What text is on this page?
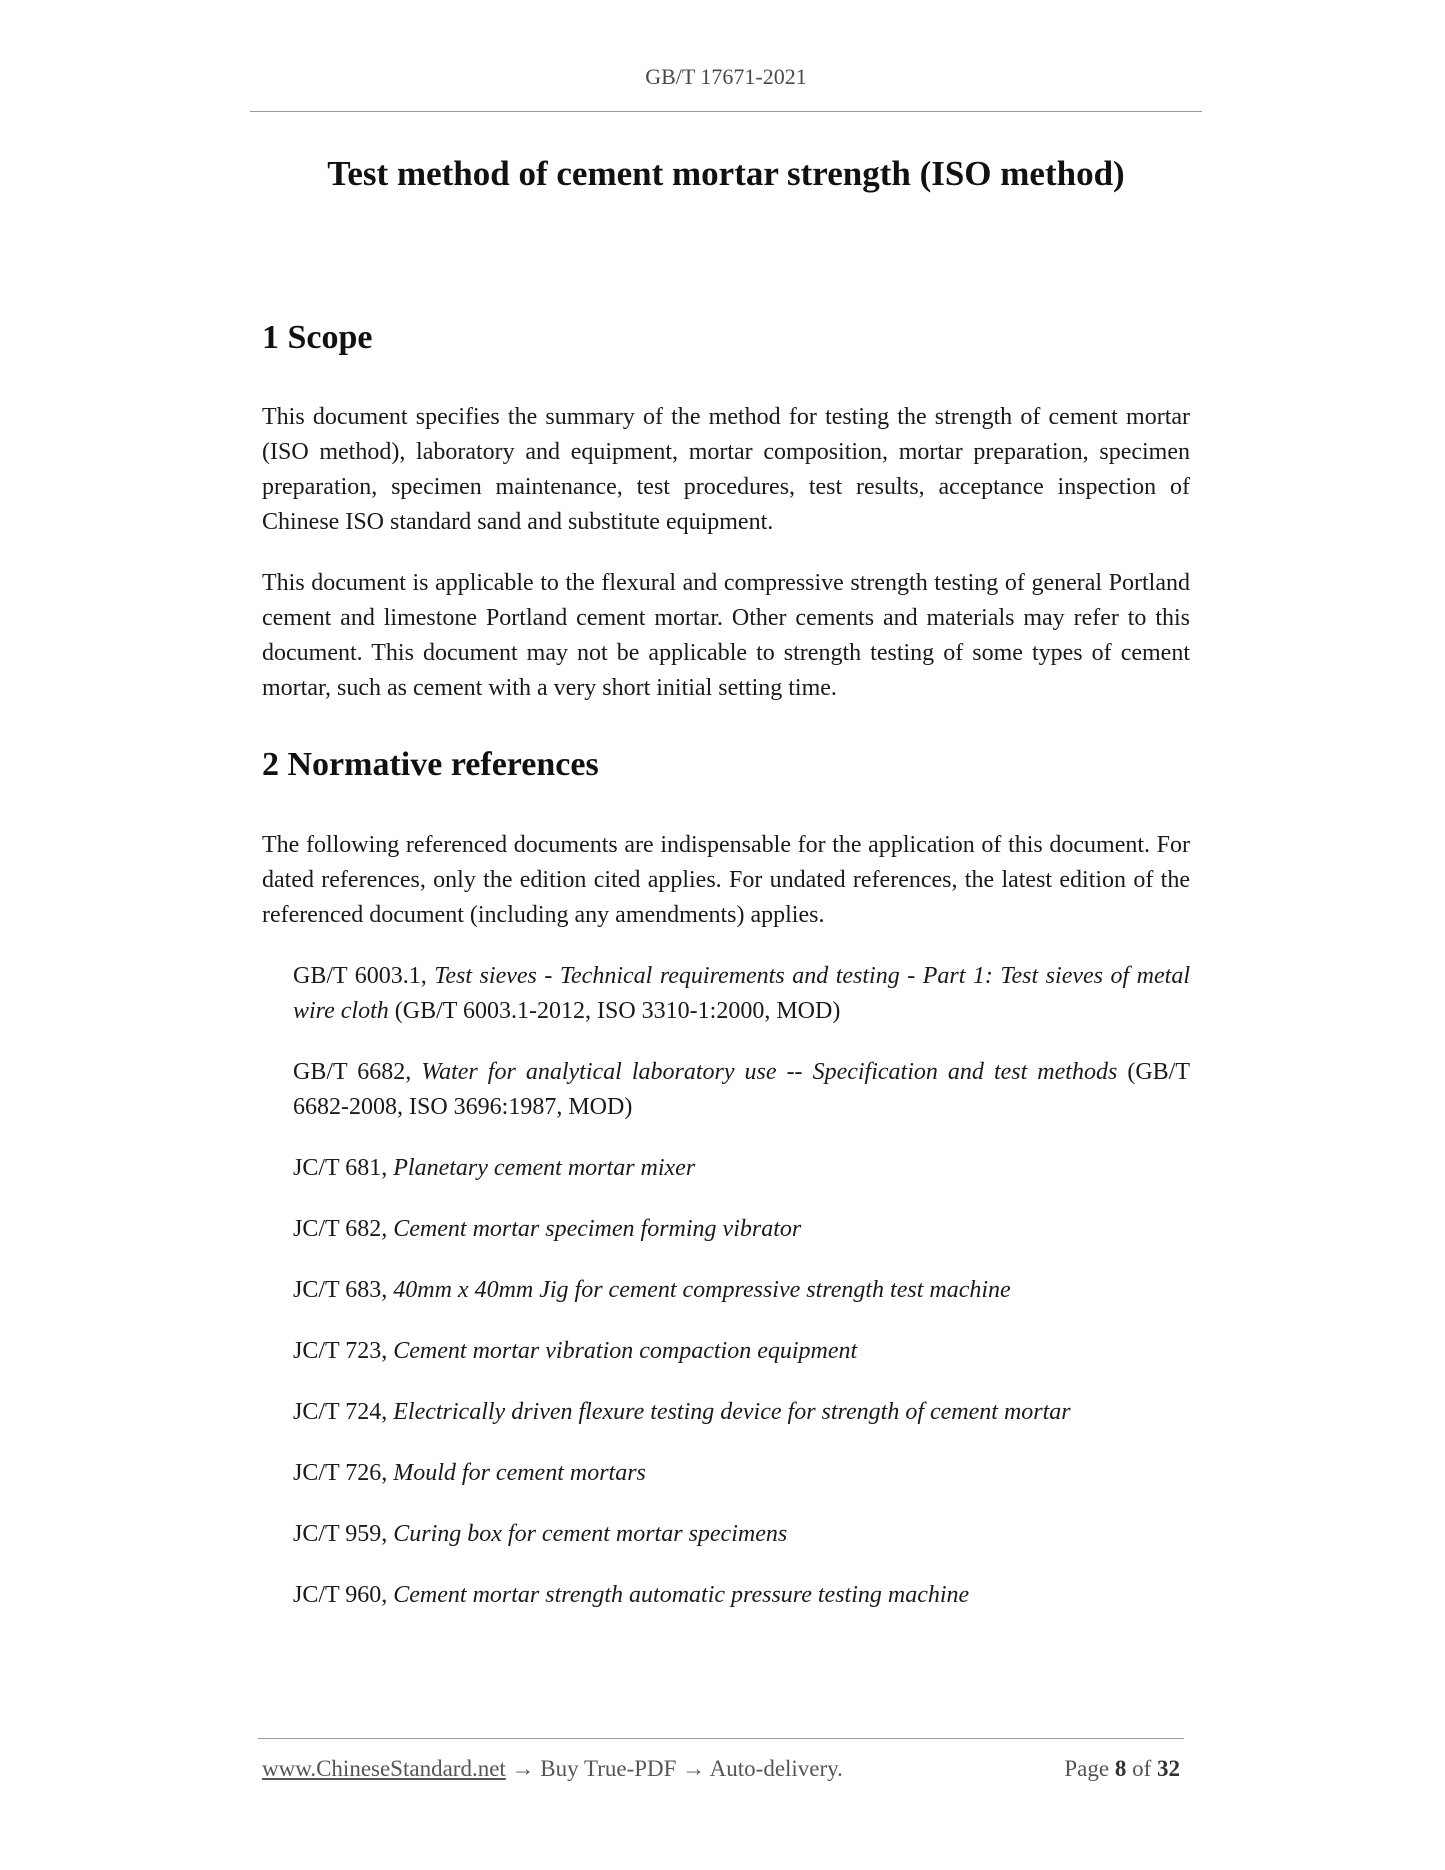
GB/T 17671-2021
Test method of cement mortar strength (ISO method)
1 Scope

This document specifies the summary of the method for testing the strength of cement mortar (ISO method), laboratory and equipment, mortar composition, mortar preparation, specimen preparation, specimen maintenance, test procedures, test results, acceptance inspection of Chinese ISO standard sand and substitute equipment.

This document is applicable to the flexural and compressive strength testing of general Portland cement and limestone Portland cement mortar. Other cements and materials may refer to this document. This document may not be applicable to strength testing of some types of cement mortar, such as cement with a very short initial setting time.

2 Normative references

The following referenced documents are indispensable for the application of this document. For dated references, only the edition cited applies. For undated references, the latest edition of the referenced document (including any amendments) applies.

GB/T 6003.1, Test sieves - Technical requirements and testing - Part 1: Test sieves of metal wire cloth (GB/T 6003.1-2012, ISO 3310-1:2000, MOD)
GB/T 6682, Water for analytical laboratory use -- Specification and test methods (GB/T 6682-2008, ISO 3696:1987, MOD)
JC/T 681, Planetary cement mortar mixer
JC/T 682, Cement mortar specimen forming vibrator
JC/T 683, 40mm x 40mm Jig for cement compressive strength test machine
JC/T 723, Cement mortar vibration compaction equipment
JC/T 724, Electrically driven flexure testing device for strength of cement mortar
JC/T 726, Mould for cement mortars
JC/T 959, Curing box for cement mortar specimens
JC/T 960, Cement mortar strength automatic pressure testing machine
www.ChineseStandard.net → Buy True-PDF → Auto-delivery.	Page 8 of 32
